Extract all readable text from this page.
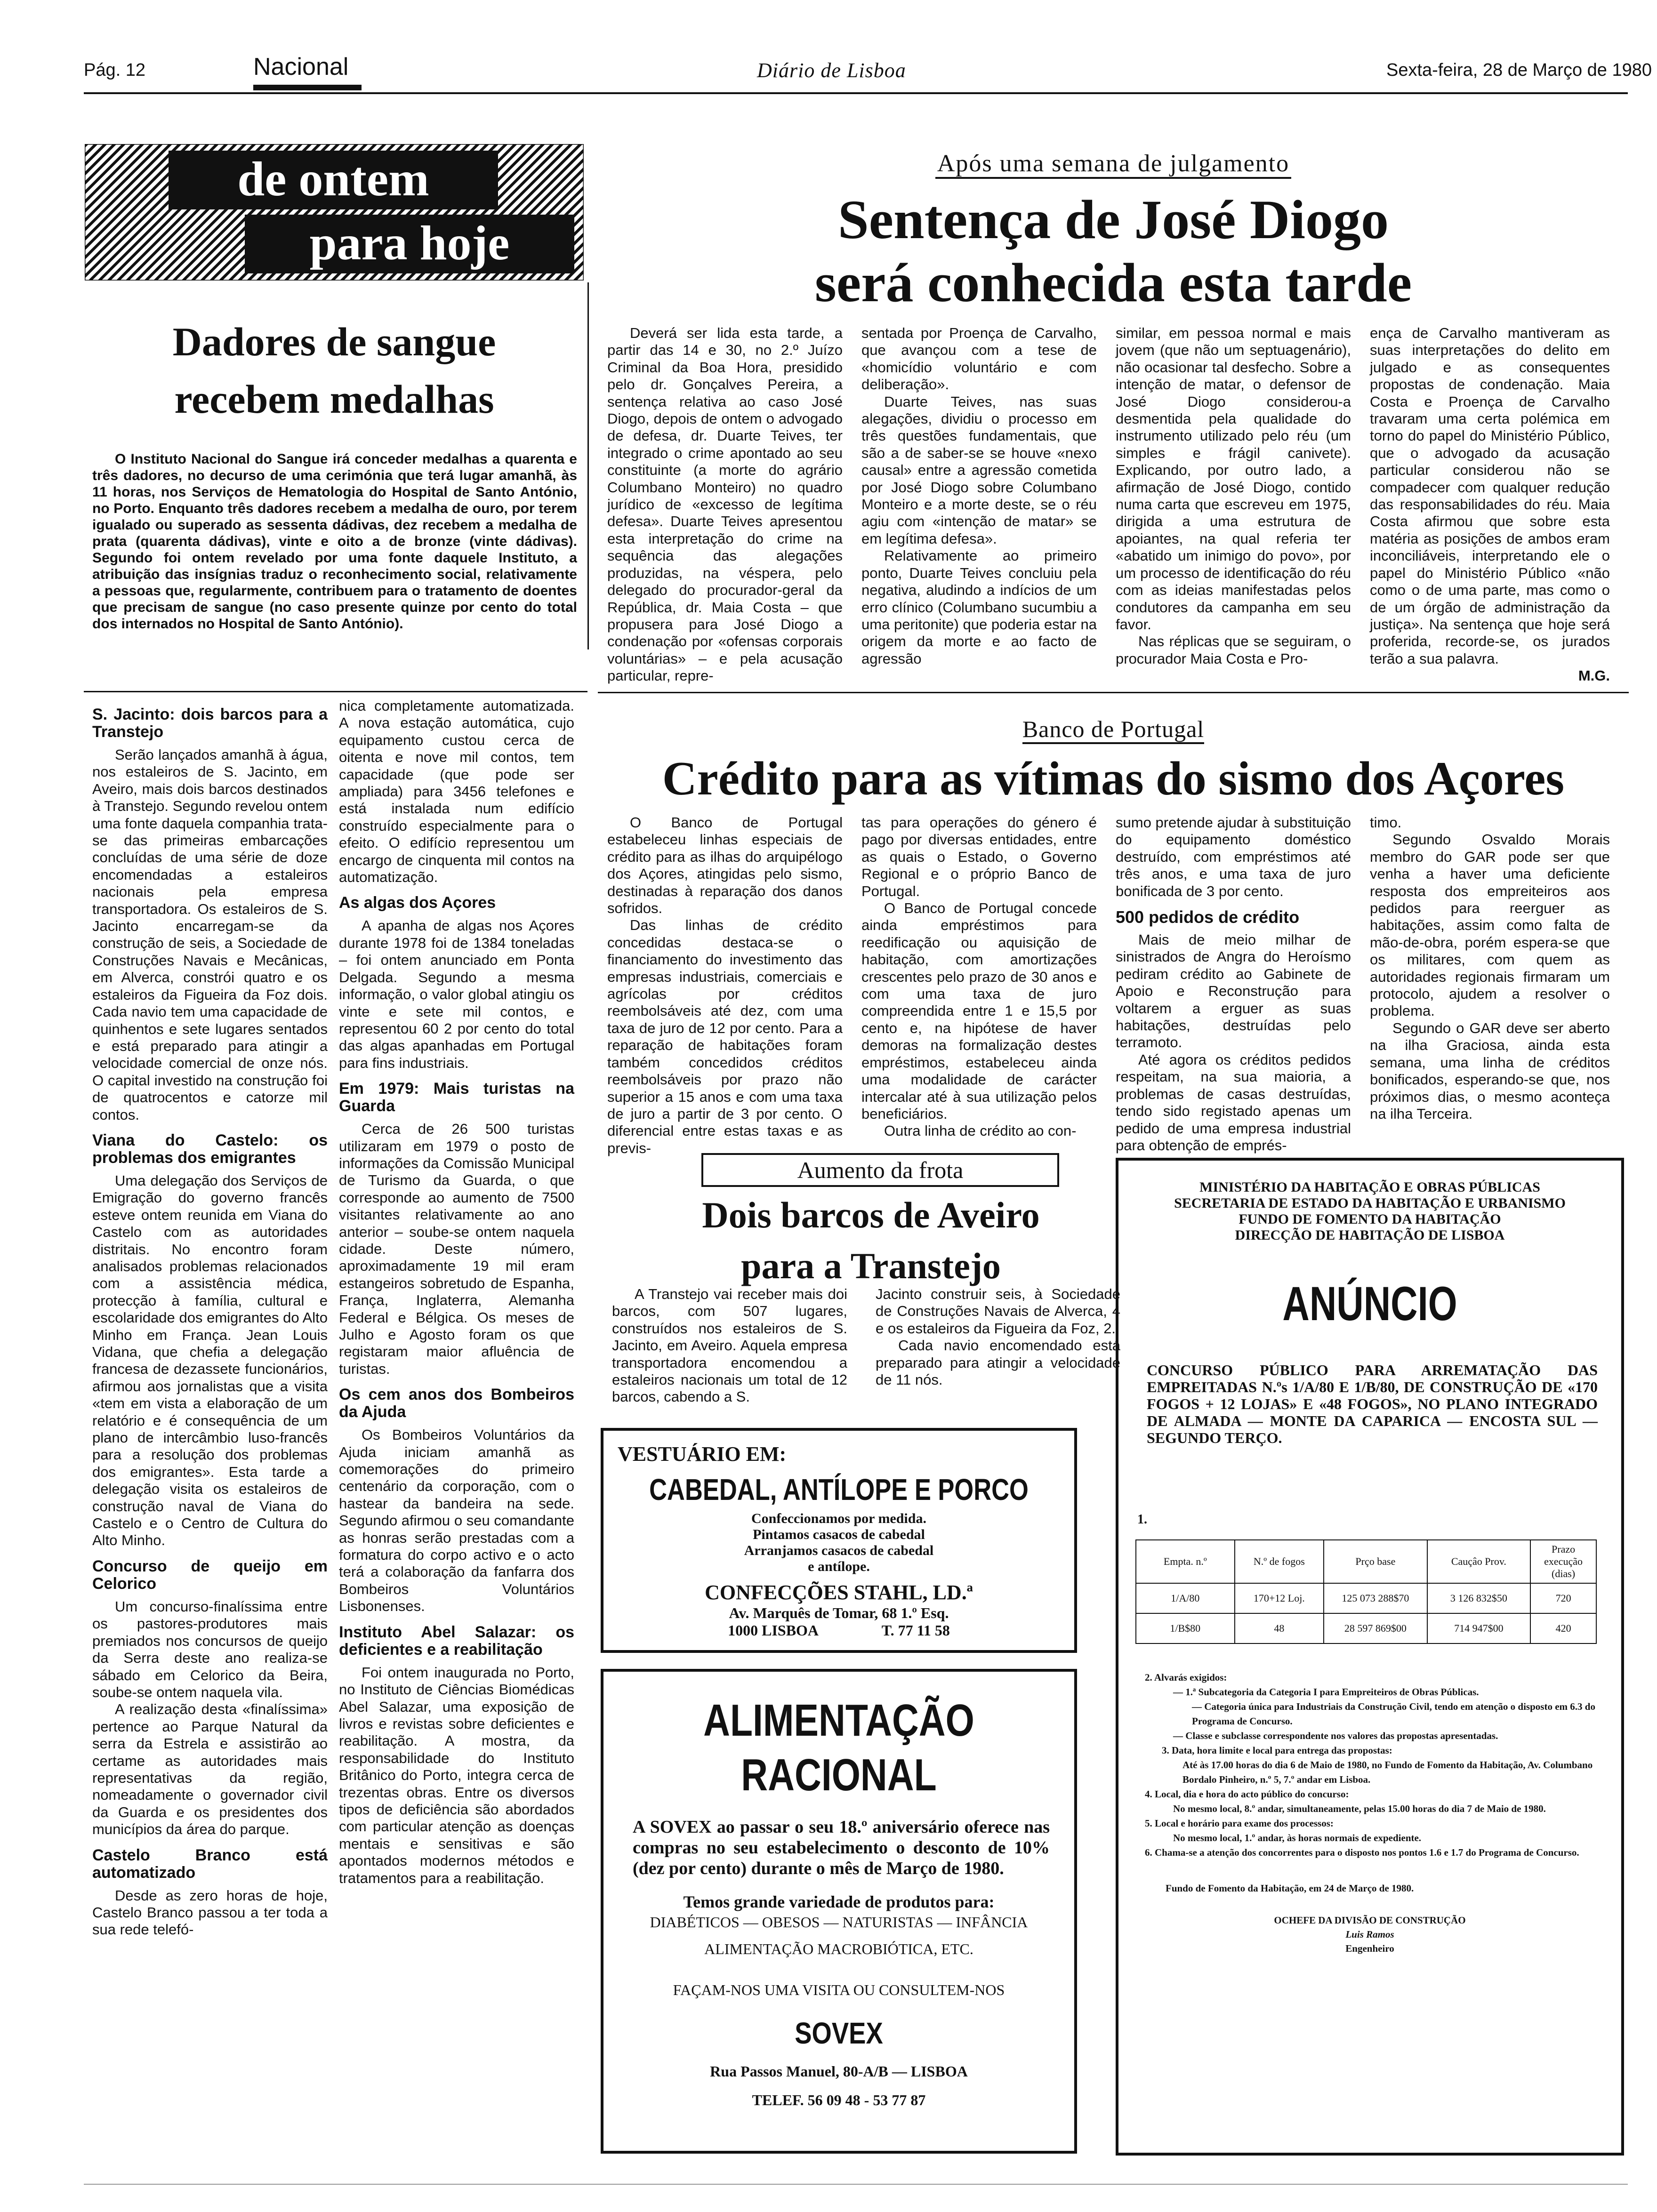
Pág. 12	Nacional	Diário de Lisboa	Sexta-feira, 28 de Março de 1980
de ontem
para hoje
Dadores de sangue
recebem medalhas

O Instituto Nacional do Sangue irá conceder medalhas a quarenta e três dadores, no decurso de uma cerimónia que terá lugar amanhã, às 11 horas, nos Serviços de Hematologia do Hospital de Santo António, no Porto. Enquanto três dadores recebem a medalha de ouro, por terem igualado ou superado as sessenta dádivas, dez recebem a medalha de prata (quarenta dádivas), vinte e oito a de bronze (vinte dádivas). Segundo foi ontem revelado por uma fonte daquele Instituto, a atribuição das insígnias traduz o reconhecimento social, relativamente a pessoas que, regularmente, contribuem para o tratamento de doentes que precisam de sangue (no caso presente quinze por cento do total dos internados no Hospital de Santo António).

S. Jacinto: dois barcos para a Transtejo

Serão lançados amanhã à água, nos estaleiros de S. Jacinto, em Aveiro, mais dois barcos destinados à Transtejo. Segundo revelou ontem uma fonte daquela companhia trata-se das primeiras embarcações concluídas de uma série de doze encomendadas a estaleiros nacionais pela empresa transportadora. Os estaleiros de S. Jacinto encarregam-se da construção de seis, a Sociedade de Construções Navais e Mecânicas, em Alverca, constrói quatro e os estaleiros da Figueira da Foz dois. Cada navio tem uma capacidade de quinhentos e sete lugares sentados e está preparado para atingir a velocidade comercial de onze nós. O capital investido na construção foi de quatrocentos e catorze mil contos.

Viana do Castelo: os problemas dos emigrantes

Uma delegação dos Serviços de Emigração do governo francês esteve ontem reunida em Viana do Castelo com as autoridades distritais. No encontro foram analisados problemas relacionados com a assistência médica, protecção à família, cultural e escolaridade dos emigrantes do Alto Minho em França. Jean Louis Vidana, que chefia a delegação francesa de dezassete funcionários, afirmou aos jornalistas que a visita «tem em vista a elaboração de um relatório e é consequência de um plano de intercâmbio luso-francês para a resolução dos problemas dos emigrantes». Esta tarde a delegação visita os estaleiros de construção naval de Viana do Castelo e o Centro de Cultura do Alto Minho.

Concurso de queijo em Celorico

Um concurso-finalíssima entre os pastores-produtores mais premiados nos concursos de queijo da Serra deste ano realiza-se sábado em Celorico da Beira, soube-se ontem naquela vila.

A realização desta «finalíssima» pertence ao Parque Natural da serra da Estrela e assistirão ao certame as autoridades mais representativas da região, nomeadamente o governador civil da Guarda e os presidentes dos municípios da área do parque.

Castelo Branco está automatizado

Desde as zero horas de hoje, Castelo Branco passou a ter toda a sua rede telefó-

nica completamente automatizada. A nova estação automática, cujo equipamento custou cerca de oitenta e nove mil contos, tem capacidade (que pode ser ampliada) para 3456 telefones e está instalada num edifício construído especialmente para o efeito. O edifício representou um encargo de cinquenta mil contos na automatização.

As algas dos Açores

A apanha de algas nos Açores durante 1978 foi de 1384 toneladas – foi ontem anunciado em Ponta Delgada. Segundo a mesma informação, o valor global atingiu os vinte e sete mil contos, e representou 60 2 por cento do total das algas apanhadas em Portugal para fins industriais.

Em 1979: Mais turistas na Guarda

Cerca de 26 500 turistas utilizaram em 1979 o posto de informações da Comissão Municipal de Turismo da Guarda, o que corresponde ao aumento de 7500 visitantes relativamente ao ano anterior – soube-se ontem naquela cidade. Deste número, aproximadamente 19 mil eram estangeiros sobretudo de Espanha, França, Inglaterra, Alemanha Federal e Bélgica. Os meses de Julho e Agosto foram os que registaram maior afluência de turistas.

Os cem anos dos Bombeiros da Ajuda

Os Bombeiros Voluntários da Ajuda iniciam amanhã as comemorações do primeiro centenário da corporação, com o hastear da bandeira na sede. Segundo afirmou o seu comandante as honras serão prestadas com a formatura do corpo activo e o acto terá a colaboração da fanfarra dos Bombeiros Voluntários Lisbonenses.

Instituto Abel Salazar: os deficientes e a reabilitação

Foi ontem inaugurada no Porto, no Instituto de Ciências Biomédicas Abel Salazar, uma exposição de livros e revistas sobre deficientes e reabilitação. A mostra, da responsabilidade do Instituto Britânico do Porto, integra cerca de trezentas obras. Entre os diversos tipos de deficiência são abordados com particular atenção as doenças mentais e sensitivas e são apontados modernos métodos e tratamentos para a reabilitação.

Após uma semana de julgamento
Sentença de José Diogo
será conhecida esta tarde

Deverá ser lida esta tarde, a partir das 14 e 30, no 2.º Juízo Criminal da Boa Hora, presidido pelo dr. Gonçalves Pereira, a sentença relativa ao caso José Diogo, depois de ontem o advogado de defesa, dr. Duarte Teives, ter integrado o crime apontado ao seu constituinte (a morte do agrário Columbano Monteiro) no quadro jurídico de «excesso de legítima defesa». Duarte Teives apresentou esta interpretação do crime na sequência das alegações produzidas, na véspera, pelo delegado do procurador-geral da República, dr. Maia Costa – que propusera para José Diogo a condenação por «ofensas corporais voluntárias» – e pela acusação particular, repre-

sentada por Proença de Carvalho, que avançou com a tese de «homicídio voluntário e com deliberação».

Duarte Teives, nas suas alegações, dividiu o processo em três questões fundamentais, que são a de saber-se se houve «nexo causal» entre a agressão cometida por José Diogo sobre Columbano Monteiro e a morte deste, se o réu agiu com «intenção de matar» se em legítima defesa».

Relativamente ao primeiro ponto, Duarte Teives concluiu pela negativa, aludindo a indícios de um erro clínico (Columbano sucumbiu a uma peritonite) que poderia estar na origem da morte e ao facto de agressão

similar, em pessoa normal e mais jovem (que não um septuagenário), não ocasionar tal desfecho. Sobre a intenção de matar, o defensor de José Diogo considerou-a desmentida pela qualidade do instrumento utilizado pelo réu (um simples e frágil canivete). Explicando, por outro lado, a afirmação de José Diogo, contido numa carta que escreveu em 1975, dirigida a uma estrutura de apoiantes, na qual referia ter «abatido um inimigo do povo», por um processo de identificação do réu com as ideias manifestadas pelos condutores da campanha em seu favor.

Nas réplicas que se seguiram, o procurador Maia Costa e Pro-

ença de Carvalho mantiveram as suas interpretações do delito em julgado e as consequentes propostas de condenação. Maia Costa e Proença de Carvalho travaram uma certa polémica em torno do papel do Ministério Público, que o advogado da acusação particular considerou não se compadecer com qualquer redução das responsabilidades do réu. Maia Costa afirmou que sobre esta matéria as posições de ambos eram inconciliáveis, interpretando ele o papel do Ministério Público «não como o de uma parte, mas como o de um órgão de administração da justiça». Na sentença que hoje será proferida, recorde-se, os jurados terão a sua palavra.

M.G.
Banco de Portugal
Crédito para as vítimas do sismo dos Açores

O Banco de Portugal estabeleceu linhas especiais de crédito para as ilhas do arquipélogo dos Açores, atingidas pelo sismo, destinadas à reparação dos danos sofridos.

Das linhas de crédito concedidas destaca-se o financiamento do investimento das empresas industriais, comerciais e agrícolas por créditos reembolsáveis até dez, com uma taxa de juro de 12 por cento. Para a reparação de habitações foram também concedidos créditos reembolsáveis por prazo não superior a 15 anos e com uma taxa de juro a partir de 3 por cento. O diferencial entre estas taxas e as previs-

tas para operações do género é pago por diversas entidades, entre as quais o Estado, o Governo Regional e o próprio Banco de Portugal.

O Banco de Portugal concede ainda empréstimos para reedificação ou aquisição de habitação, com amortizações crescentes pelo prazo de 30 anos e com uma taxa de juro compreendida entre 1 e 15,5 por cento e, na hipótese de haver demoras na formalização destes empréstimos, estabeleceu ainda uma modalidade de carácter intercalar até à sua utilização pelos beneficiários.

Outra linha de crédito ao con-

sumo pretende ajudar à substituição do equipamento doméstico destruído, com empréstimos até três anos, e uma taxa de juro bonificada de 3 por cento.

500 pedidos de crédito

Mais de meio milhar de sinistrados de Angra do Heroísmo pediram crédito ao Gabinete de Apoio e Reconstrução para voltarem a erguer as suas habitações, destruídas pelo terramoto.

Até agora os créditos pedidos respeitam, na sua maioria, a problemas de casas destruídas, tendo sido registado apenas um pedido de uma empresa industrial para obtenção de emprés-

timo.

Segundo Osvaldo Morais membro do GAR pode ser que venha a haver uma deficiente resposta dos empreiteiros aos pedidos para reerguer as habitações, assim como falta de mão-de-obra, porém espera-se que os militares, com quem as autoridades regionais firmaram um protocolo, ajudem a resolver o problema.

Segundo o GAR deve ser aberto na ilha Graciosa, ainda esta semana, uma linha de créditos bonificados, esperando-se que, nos próximos dias, o mesmo aconteça na ilha Terceira.

Aumento da frota
Dois barcos de Aveiro
para a Transtejo

A Transtejo vai receber mais doi barcos, com 507 lugares, construídos nos estaleiros de S. Jacinto, em Aveiro. Aquela empresa transportadora encomendou a estaleiros nacionais um total de 12 barcos, cabendo a S.

Jacinto construir seis, à Sociedade de Construções Navais de Alverca, 4 e os estaleiros da Figueira da Foz, 2.

Cada navio encomendado está preparado para atingir a velocidade de 11 nós.

VESTUÁRIO EM:
CABEDAL, ANTÍLOPE E PORCO
Confeccionamos por medida.
Pintamos casacos de cabedal
Arranjamos casacos de cabedal
e antílope.
CONFECÇÕES STAHL, LD.ª
Av. Marquês de Tomar, 68 1.º Esq.
1000 LISBOA	T. 77 11 58
ALIMENTAÇÃO
RACIONAL
A SOVEX ao passar o seu 18.º aniversário oferece nas compras no seu estabelecimento o desconto de 10% (dez por cento) durante o mês de Março de 1980.
Temos grande variedade de produtos para:
DIABÉTICOS — OBESOS — NATURISTAS — INFÂNCIA
ALIMENTAÇÃO MACROBIÓTICA, ETC.
FAÇAM-NOS UMA VISITA OU CONSULTEM-NOS
SOVEX
Rua Passos Manuel, 80-A/B — LISBOA
TELEF. 56 09 48 - 53 77 87
MINISTÉRIO DA HABITAÇÃO E OBRAS PÚBLICAS
SECRETARIA DE ESTADO DA HABITAÇÃO E URBANISMO
FUNDO DE FOMENTO DA HABITAÇÃO
DIRECÇÃO DE HABITAÇÃO DE LISBOA
ANÚNCIO
CONCURSO PÚBLICO PARA ARREMATAÇÃO DAS EMPREITADAS N.ºs 1/A/80 E 1/B/80, DE CONSTRUÇÃO DE «170 FOGOS + 12 LOJAS» E «48 FOGOS», NO PLANO INTEGRADO DE ALMADA — MONTE DA CAPARICA — ENCOSTA SUL — SEGUNDO TERÇO.
1.
Empta. n.º	N.º de fogos	Prço base	Cauçâo Prov.	Prazo execução (dias)
1/A/80	170+12 Loj.	125 073 288$70	3 126 832$50	720
1/B$80	48	28 597 869$00	714 947$00	420
2. Alvarás exigidos:
— 1.ª Subcategoria da Categoria I para Empreiteiros de Obras Públicas.
— Categoria única para Industriais da Construção Civil, tendo em atenção o disposto em 6.3 do Programa de Concurso.
— Classe e subclasse correspondente nos valores das propostas apresentadas.
3. Data, hora limite e local para entrega das propostas:
Até às 17.00 horas do dia 6 de Maio de 1980, no Fundo de Fomento da Habitação, Av. Columbano Bordalo Pinheiro, n.º 5, 7.º andar em Lisboa.
4. Local, dia e hora do acto público do concurso:
No mesmo local, 8.º andar, simultaneamente, pelas 15.00 horas do dia 7 de Maio de 1980.
5. Local e horário para exame dos processos:
No mesmo local, 1.º andar, às horas normais de expediente.
6. Chama-se a atenção dos concorrentes para o disposto nos pontos 1.6 e 1.7 do Programa de Concurso.
Fundo de Fomento da Habitação, em 24 de Março de 1980.
OCHEFE DA DIVISÃO DE CONSTRUÇÃO
Luis Ramos
Engenheiro
